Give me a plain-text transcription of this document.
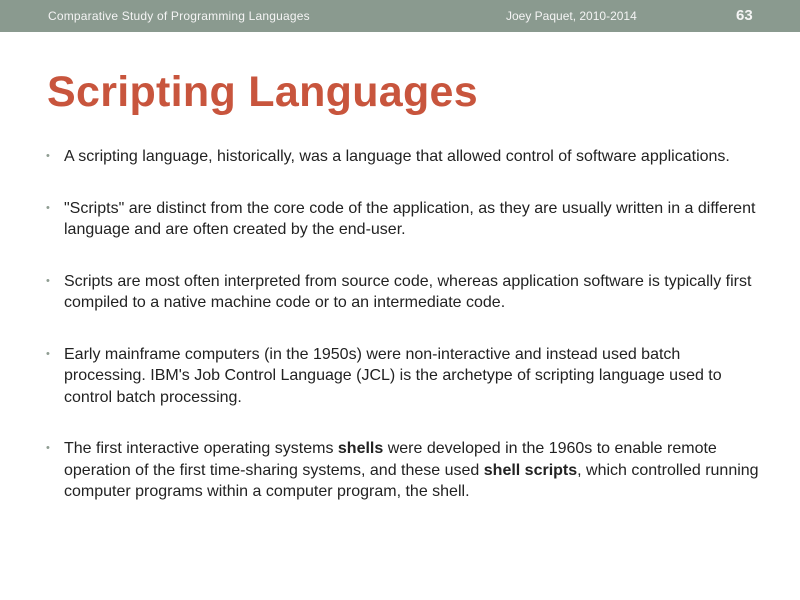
Comparative Study of Programming Languages	Joey Paquet, 2010-2014	63
Scripting Languages
• A scripting language, historically, was a language that allowed control of software applications.
• "Scripts" are distinct from the core code of the application, as they are usually written in a different language and are often created by the end-user.
• Scripts are most often interpreted from source code, whereas application software is typically first compiled to a native machine code or to an intermediate code.
• Early mainframe computers (in the 1950s) were non-interactive and instead used batch processing. IBM's Job Control Language (JCL) is the archetype of scripting language used to control batch processing.
• The first interactive operating systems shells were developed in the 1960s to enable remote operation of the first time-sharing systems, and these used shell scripts, which controlled running computer programs within a computer program, the shell.
